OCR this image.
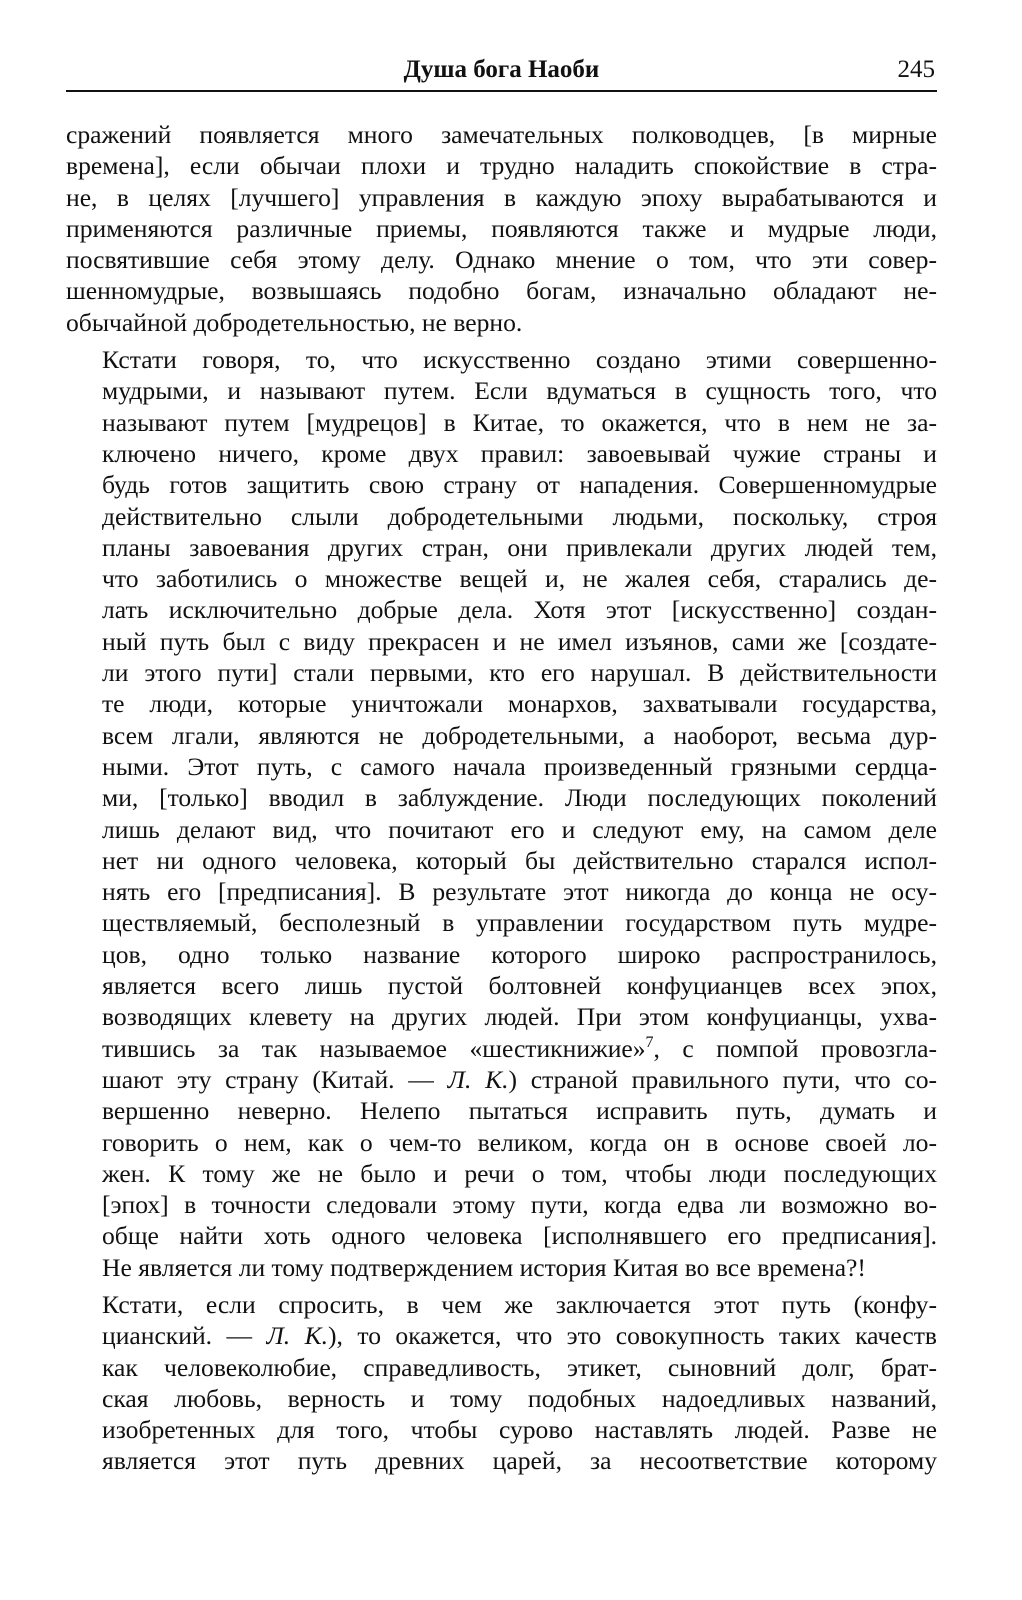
Душа бога Наоби	245

сражений появляется много замечательных полководцев, [в мирные
времена], если обычаи плохи и трудно наладить спокойствие в стра-
не, в целях [лучшего] управления в каждую эпоху вырабатываются и
применяются различные приемы, появляются также и мудрые люди,
посвятившие себя этому делу. Однако мнение о том, что эти совер-
шенномудрые, возвышаясь подобно богам, изначально обладают не-
обычайной добродетельностью, не верно.

Кстати говоря, то, что искусственно создано этими совершенно-
мудрыми, и называют путем. Если вдуматься в сущность того, что
называют путем [мудрецов] в Китае, то окажется, что в нем не за-
ключено ничего, кроме двух правил: завоевывай чужие страны и
будь готов защитить свою страну от нападения. Совершенномудрые
действительно слыли добродетельными людьми, поскольку, строя
планы завоевания других стран, они привлекали других людей тем,
что заботились о множестве вещей и, не жалея себя, старались де-
лать исключительно добрые дела. Хотя этот [искусственно] создан-
ный путь был с виду прекрасен и не имел изъянов, сами же [создате-
ли этого пути] стали первыми, кто его нарушал. В действительности
те люди, которые уничтожали монархов, захватывали государства,
всем лгали, являются не добродетельными, а наоборот, весьма дур-
ными. Этот путь, с самого начала произведенный грязными сердца-
ми, [только] вводил в заблуждение. Люди последующих поколений
лишь делают вид, что почитают его и следуют ему, на самом деле
нет ни одного человека, который бы действительно старался испол-
нять его [предписания]. В результате этот никогда до конца не осу-
ществляемый, бесполезный в управлении государством путь мудре-
цов, одно только название которого широко распространилось,
является всего лишь пустой болтовней конфуцианцев всех эпох,
возводящих клевету на других людей. При этом конфуцианцы, ухва-
тившись за так называемое «шестикнижие»$^7$, с помпой провозгла-
шают эту страну (Китай. — Л. К.) страной правильного пути, что со-
вершенно неверно. Нелепо пытаться исправить путь, думать и
говорить о нем, как о чем-то великом, когда он в основе своей ло-
жен. К тому же не было и речи о том, чтобы люди последующих
[эпох] в точности следовали этому пути, когда едва ли возможно во-
обще найти хоть одного человека [исполнявшего его предписания].
Не является ли тому подтверждением история Китая во все времена?!

Кстати, если спросить, в чем же заключается этот путь (конфу-
цианский. — Л. К.), то окажется, что это совокупность таких качеств
как человеколюбие, справедливость, этикет, сыновний долг, брат-
ская любовь, верность и тому подобных надоедливых названий,
изобретенных для того, чтобы сурово наставлять людей. Разве не
является этот путь древних царей, за несоответствие которому
